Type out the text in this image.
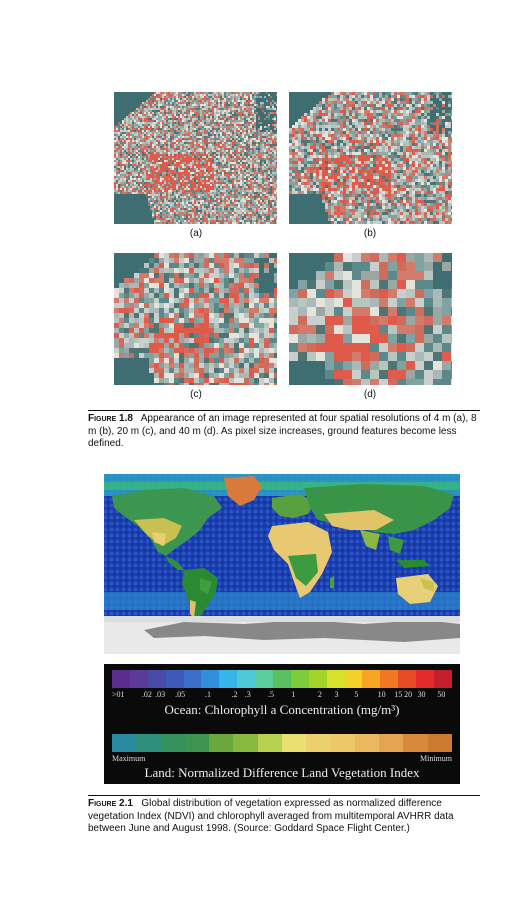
(a)	(b)
(c)	(d)
Figure 1.8 Appearance of an image represented at four spatial resolutions of 4 m (a), 8 m (b), 20 m (c), and 40 m (d). As pixel size increases, ground features become less defined.
>01 .02 .03 .05 .1	.2 .3 .5 1	2 3 5 10 15 20 30 50
Ocean: Chlorophyll a Concentration (mg/m³)
Maximum	Minimum
Land: Normalized Difference Land Vegetation Index
Figure 2.1 Global distribution of vegetation expressed as normalized difference vegetation Index (NDVI) and chlorophyll averaged from multitemporal AVHRR data between June and August 1998. (Source: Goddard Space Flight Center.)
